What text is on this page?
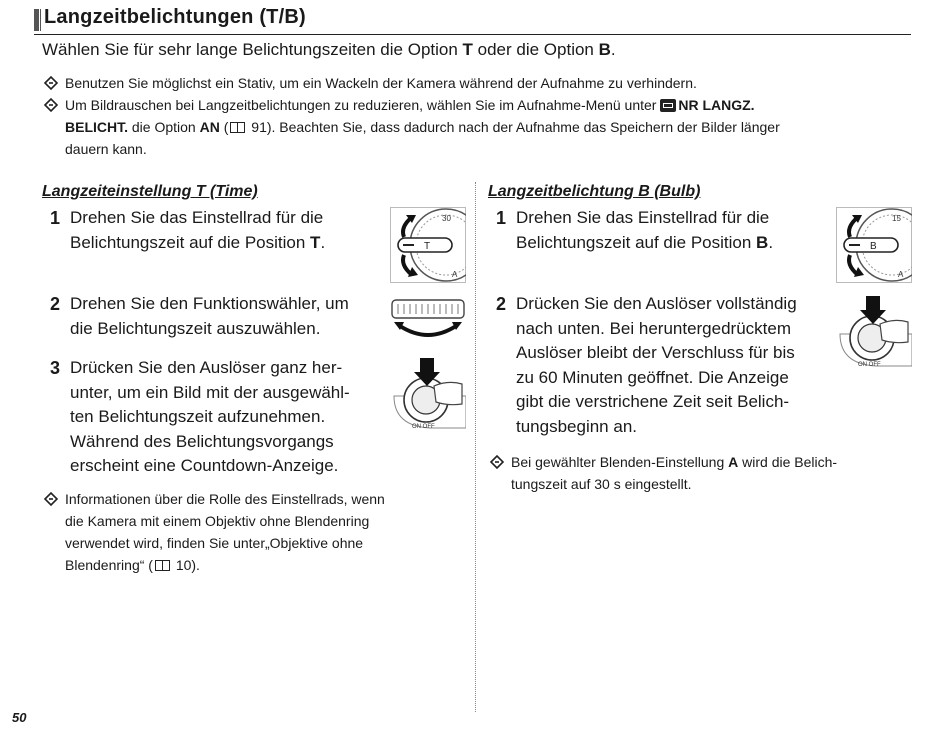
Langzeitbelichtungen (T/B)
Wählen Sie für sehr lange Belichtungszeiten die Option T oder die Option B.
Benutzen Sie möglichst ein Stativ, um ein Wackeln der Kamera während der Aufnahme zu verhindern.
Um Bildrauschen bei Langzeitbelichtungen zu reduzieren, wählen Sie im Aufnahme-Menü unter NR LANGZ.
BELICHT. die Option AN ( 91). Beachten Sie, dass dadurch nach der Aufnahme das Speichern der Bilder länger
dauern kann.
Langzeiteinstellung T (Time)
1 Drehen Sie das Einstellrad für die
Belichtungszeit auf die Position T.
30
A
T
2 Drehen Sie den Funktionswähler, um
die Belichtungszeit auszuwählen.
3 Drücken Sie den Auslöser ganz her-
unter, um ein Bild mit der ausgewähl-
ten Belichtungszeit aufzunehmen.
Während des Belichtungsvorgangs
erscheint eine Countdown-Anzeige.
ON OFF
Informationen über die Rolle des Einstellrads, wenn
die Kamera mit einem Objektiv ohne Blendenring
verwendet wird, finden Sie unter„Objektive ohne
Blendenring“ ( 10).
Langzeitbelichtung B (Bulb)
1 Drehen Sie das Einstellrad für die
Belichtungszeit auf die Position B.
15
A
B
2 Drücken Sie den Auslöser vollständig
nach unten. Bei heruntergedrücktem
Auslöser bleibt der Verschluss für bis
zu 60 Minuten geöffnet. Die Anzeige
gibt die verstrichene Zeit seit Belich-
tungsbeginn an.
ON OFF
Bei gewählter Blenden-Einstellung A wird die Belich-
tungszeit auf 30 s eingestellt.
50
